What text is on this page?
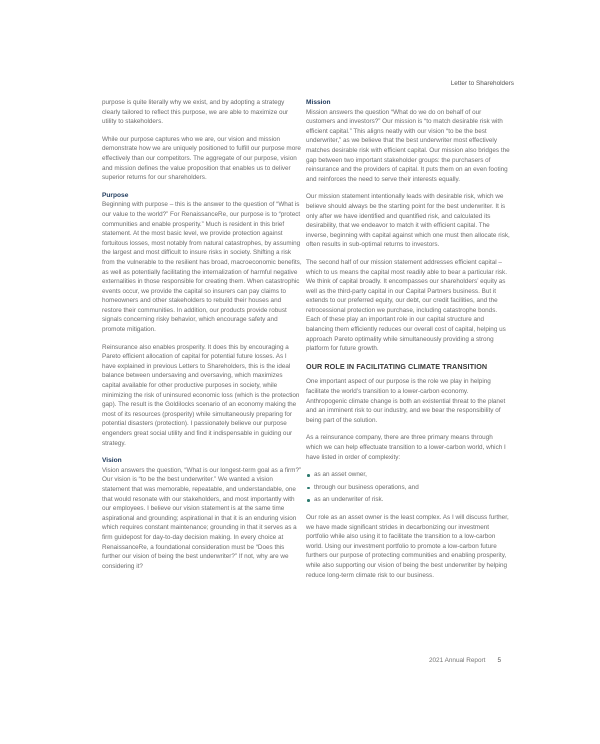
Letter to Shareholders

purpose is quite literally why we exist, and by adopting a strategy clearly tailored to reflect this purpose, we are able to maximize our utility to stakeholders.

While our purpose captures who we are, our vision and mission demonstrate how we are uniquely positioned to fulfill our purpose more effectively than our competitors. The aggregate of our purpose, vision and mission defines the value proposition that enables us to deliver superior returns for our shareholders.

Purpose

Beginning with purpose – this is the answer to the question of “What is our value to the world?” For RenaissanceRe, our purpose is to “protect communities and enable prosperity.” Much is resident in this brief statement. At the most basic level, we provide protection against fortuitous losses, most notably from natural catastrophes, by assuming the largest and most difficult to insure risks in society. Shifting a risk from the vulnerable to the resilient has broad, macroeconomic benefits, as well as potentially facilitating the internalization of harmful negative externalities in those responsible for creating them. When catastrophic events occur, we provide the capital so insurers can pay claims to homeowners and other stakeholders to rebuild their houses and restore their communities. In addition, our products provide robust signals concerning risky behavior, which encourage safety and promote mitigation.

Reinsurance also enables prosperity. It does this by encouraging a Pareto efficient allocation of capital for potential future losses. As I have explained in previous Letters to Shareholders, this is the ideal balance between undersaving and oversaving, which maximizes capital available for other productive purposes in society, while minimizing the risk of uninsured economic loss (which is the protection gap). The result is the Goldilocks scenario of an economy making the most of its resources (prosperity) while simultaneously preparing for potential disasters (protection). I passionately believe our purpose engenders great social utility and find it indispensable in guiding our strategy.

Vision

Vision answers the question, “What is our longest-term goal as a firm?” Our vision is “to be the best underwriter.” We wanted a vision statement that was memorable, repeatable, and understandable, one that would resonate with our stakeholders, and most importantly with our employees. I believe our vision statement is at the same time aspirational and grounding; aspirational in that it is an enduring vision which requires constant maintenance; grounding in that it serves as a firm guidepost for day-to-day decision making. In every choice at RenaissanceRe, a foundational consideration must be “Does this further our vision of being the best underwriter?” If not, why are we considering it?

Mission

Mission answers the question “What do we do on behalf of our customers and investors?” Our mission is “to match desirable risk with efficient capital.” This aligns neatly with our vision “to be the best underwriter,” as we believe that the best underwriter most effectively matches desirable risk with efficient capital. Our mission also bridges the gap between two important stakeholder groups: the purchasers of reinsurance and the providers of capital. It puts them on an even footing and reinforces the need to serve their interests equally.

Our mission statement intentionally leads with desirable risk, which we believe should always be the starting point for the best underwriter. It is only after we have identified and quantified risk, and calculated its desirability, that we endeavor to match it with efficient capital. The inverse, beginning with capital against which one must then allocate risk, often results in sub-optimal returns to investors.

The second half of our mission statement addresses efficient capital – which to us means the capital most readily able to bear a particular risk. We think of capital broadly. It encompasses our shareholders’ equity as well as the third-party capital in our Capital Partners business. But it extends to our preferred equity, our debt, our credit facilities, and the retrocessional protection we purchase, including catastrophe bonds. Each of these play an important role in our capital structure and balancing them efficiently reduces our overall cost of capital, helping us approach Pareto optimality while simultaneously providing a strong platform for future growth.

OUR ROLE IN FACILITATING CLIMATE TRANSITION

One important aspect of our purpose is the role we play in helping facilitate the world’s transition to a lower-carbon economy. Anthropogenic climate change is both an existential threat to the planet and an imminent risk to our industry, and we bear the responsibility of being part of the solution.

As a reinsurance company, there are three primary means through which we can help effectuate transition to a lower-carbon world, which I have listed in order of complexity:

as an asset owner,
through our business operations, and
as an underwriter of risk.

Our role as an asset owner is the least complex. As I will discuss further, we have made significant strides in decarbonizing our investment portfolio while also using it to facilitate the transition to a low-carbon world. Using our investment portfolio to promote a low-carbon future furthers our purpose of protecting communities and enabling prosperity, while also supporting our vision of being the best underwriter by helping reduce long-term climate risk to our business.

2021 Annual Report 5
